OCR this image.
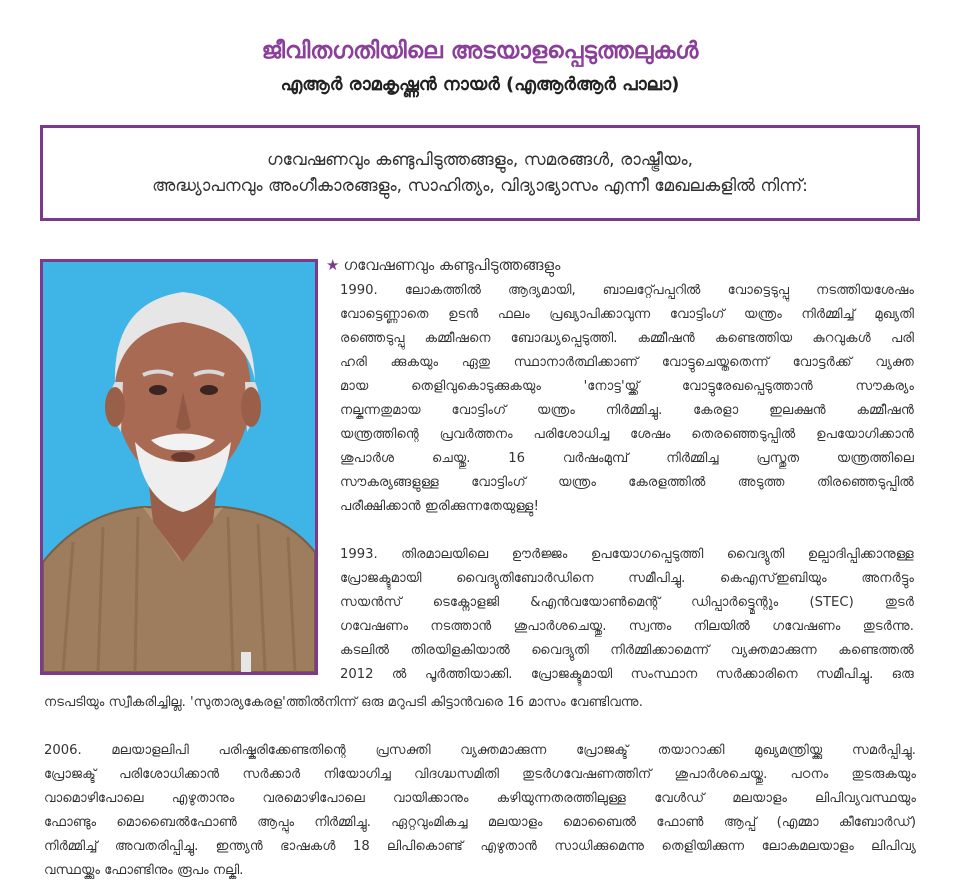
ജീവിതഗതിയിലെ അടയാളപ്പെടുത്തലുകൾ
എആർ രാമകൃഷ്ണൻ നായർ (എആർആർ പാലാ)
ഗവേഷണവും കണ്ടുപിടുത്തങ്ങളും, സമരങ്ങൾ, രാഷ്ട്രീയം,
അദ്ധ്യാപനവും അംഗീകാരങ്ങളും, സാഹിത്യം, വിദ്യാഭ്യാസം എന്നീ മേഖലകളിൽ നിന്ന്:
★ ഗവേഷണവും കണ്ടുപിടുത്തങ്ങളും
1990. ലോകത്തിൽ ആദ്യമായി, ബാലറ്റ്പേപ്പറിൽ വോട്ടെടുപ്പു നടത്തിയശേഷം
വോട്ടെണ്ണാതെ ഉടൻ ഫലം പ്രഖ്യാപിക്കാവുന്ന വോട്ടിംഗ് യന്ത്രം നിർമ്മിച്ച് മുഖ്യതി
രഞ്ഞെടുപ്പു കമ്മീഷനെ ബോദ്ധ്യപ്പെടുത്തി. കമ്മീഷൻ കണ്ടെത്തിയ കുറവുകൾ പരി
ഹരി ക്കുകയും ഏതു സ്ഥാനാർത്ഥിക്കാണ് വോട്ടുചെയ്തതെന്ന് വോട്ടർക്ക് വ്യക്ത
മായ തെളിവുകൊടുക്കുകയും 'നോട്ട'യ്ക്ക് വോട്ടുരേഖപ്പെടുത്താൻ സൗകര്യം
നല്കുന്നതുമായ വോട്ടിംഗ് യന്ത്രം നിർമ്മിച്ചു. കേരളാ ഇലക്ഷൻ കമ്മീഷൻ
യന്ത്രത്തിന്റെ പ്രവർത്തനം പരിശോധിച്ച ശേഷം തെരഞ്ഞെടുപ്പിൽ ഉപയോഗിക്കാൻ
ശുപാർശ ചെയ്തു. 16 വർഷംമുമ്പ് നിർമ്മിച്ച പ്രസ്തുത യന്ത്രത്തിലെ
സൗകര്യങ്ങളുള്ള വോട്ടിംഗ് യന്ത്രം കേരളത്തിൽ അടുത്ത തിരഞ്ഞെടുപ്പിൽ
പരീക്ഷിക്കാൻ ഇരിക്കുന്നതേയുള്ളു!
1993. തിരമാലയിലെ ഊർജ്ജം ഉപയോഗപ്പെടുത്തി വൈദ്യുതി ഉല്പാദിപ്പിക്കാനുള്ള
പ്രോജക്ടുമായി വൈദ്യുതിബോർഡിനെ സമീപിച്ചു. കെഎസ്ഇബിയും അനർട്ടും
സയൻസ് ടെക്നോളജി &എൻവയോൺമെന്റ് ഡിപ്പാർട്ട്മെന്റും (STEC) തുടർ
ഗവേഷണം നടത്താൻ ശുപാർശചെയ്തു. സ്വന്തം നിലയിൽ ഗവേഷണം തുടർന്നു.
കടലിൽ തിരയിളകിയാൽ വൈദ്യുതി നിർമ്മിക്കാമെന്ന് വ്യക്തമാക്കുന്ന കണ്ടെത്തൽ
2012 ൽ പൂർത്തിയാക്കി. പ്രോജക്ടുമായി സംസ്ഥാന സർക്കാരിനെ സമീപിച്ചു. ഒരു
നടപടിയും സ്വീകരിച്ചില്ല. 'സുതാര്യകേരള'ത്തിൽനിന്ന് ഒരു മറുപടി കിട്ടാൻവരെ 16 മാസം വേണ്ടിവന്നു.
2006. മലയാളലിപി പരിഷ്കരിക്കേണ്ടതിന്റെ പ്രസക്തി വ്യക്തമാക്കുന്ന പ്രോജക്ട് തയാറാക്കി മുഖ്യമന്ത്രിയ്ക്കു സമർപ്പിച്ചു.
പ്രോജക്ട് പരിശോധിക്കാൻ സർക്കാർ നിയോഗിച്ച വിദഗ്ദ്ധസമിതി തുടർഗവേഷണത്തിന് ശുപാർശചെയ്തു. പഠനം തുടരുകയും
വാമൊഴിപോലെ എഴുതാനും വരമൊഴിപോലെ വായിക്കാനും കഴിയുന്നതരത്തിലുള്ള വേൾഡ് മലയാളം ലിപിവ്യവസ്ഥയും
ഫോണ്ടും മൊബൈൽഫോൺ ആപ്പും നിർമ്മിച്ചു. ഏറ്റവുംമികച്ച മലയാളം മൊബൈൽ ഫോൺ ആപ്പ് (എമ്മാ കീബോർഡ്)
നിർമ്മിച്ച് അവതരിപ്പിച്ചു. ഇന്ത്യൻ ഭാഷകൾ 18 ലിപികൊണ്ട് എഴുതാൻ സാധിക്കുമെന്നു തെളിയിക്കുന്ന ലോകമലയാളം ലിപിവ്യ
വസ്ഥയ്ക്കും ഫോണ്ടിനും രൂപം നല്കി.
